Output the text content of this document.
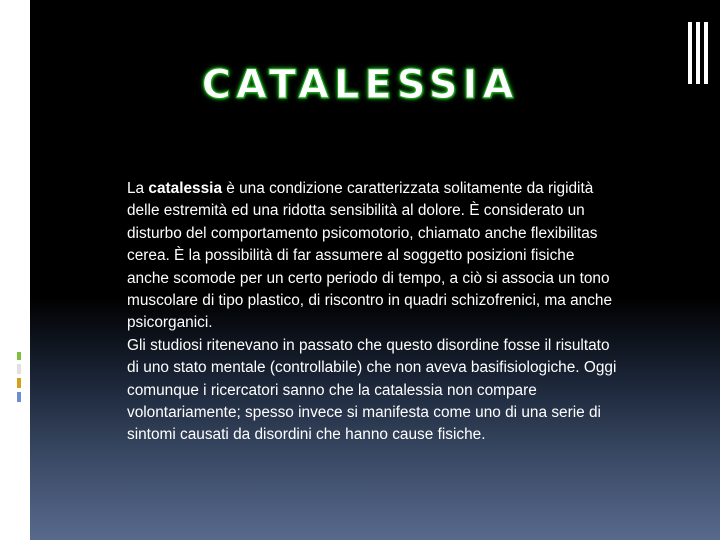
CATALESSIA

La catalessia è una condizione caratterizzata solitamente da rigidità delle estremità ed una ridotta sensibilità al dolore. È considerato un disturbo del comportamento psicomotorio, chiamato anche flexibilitas cerea. È la possibilità di far assumere al soggetto posizioni fisiche anche scomode per un certo periodo di tempo, a ciò si associa un tono muscolare di tipo plastico, di riscontro in quadri schizofrenici, ma anche psicorganici.

Gli studiosi ritenevano in passato che questo disordine fosse il risultato di uno stato mentale (controllabile) che non aveva basifisiologiche. Oggi comunque i ricercatori sanno che la catalessia non compare volontariamente; spesso invece si manifesta come uno di una serie di sintomi causati da disordini che hanno cause fisiche.
